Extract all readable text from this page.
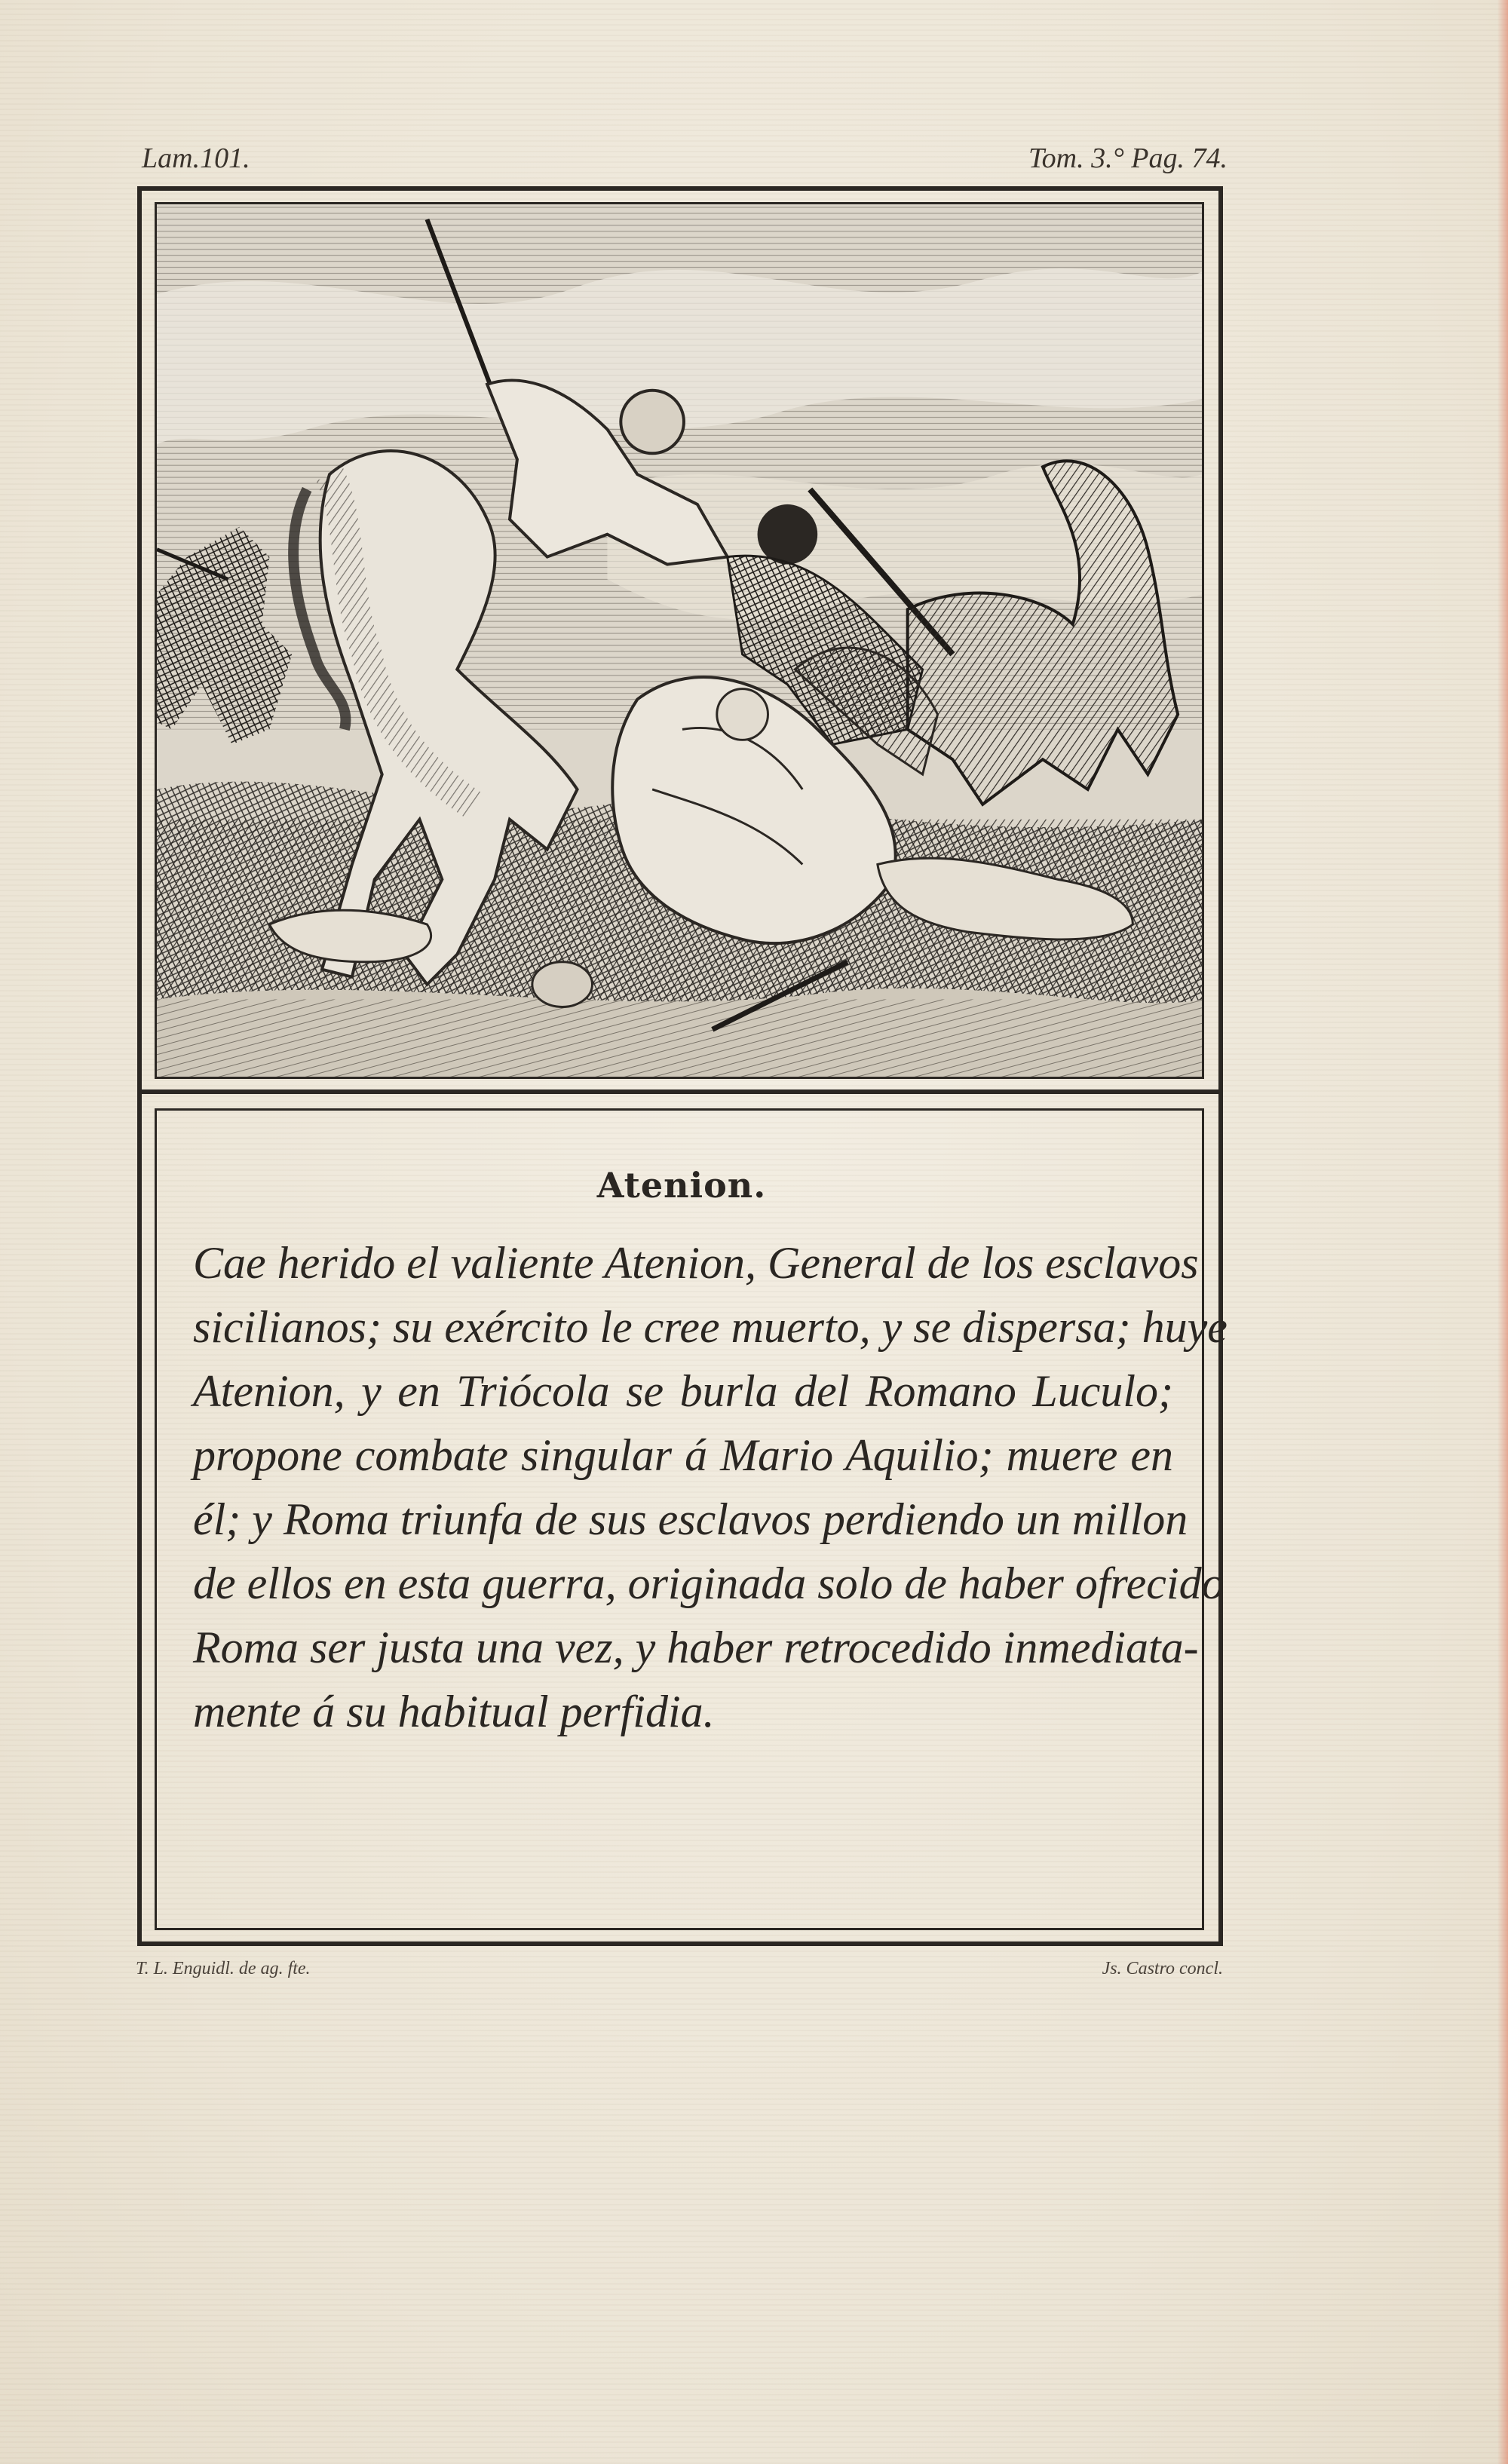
Lam.101.	Tom. 3.° Pag. 74.
Atenion.
Cae herido el valiente Atenion, General de los esclavos
sicilianos; su exército le cree muerto, y se dispersa; huye
Atenion, y en Triócola se burla del Romano Luculo;
propone combate singular á Mario Aquilio; muere en
él; y Roma triunfa de sus esclavos perdiendo un millon
de ellos en esta guerra, originada solo de haber ofrecido
Roma ser justa una vez, y haber retrocedido inmediata-
mente á su habitual perfidia.
T. L. Enguidl. de ag. fte.	Js. Castro concl.
